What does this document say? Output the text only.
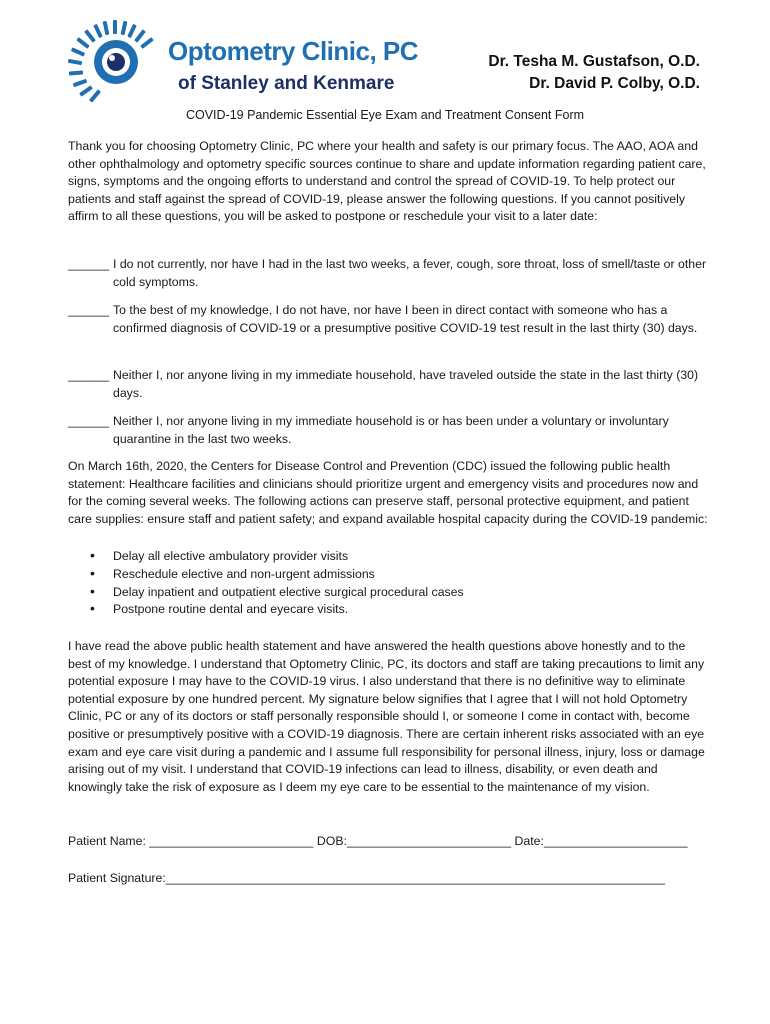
Optometry Clinic, PC
of Stanley and Kenmare
Dr. Tesha M. Gustafson, O.D.
Dr. David P. Colby, O.D.
COVID-19 Pandemic Essential Eye Exam and Treatment Consent Form
Thank you for choosing Optometry Clinic, PC where your health and safety is our primary focus. The AAO, AOA and other ophthalmology and optometry specific sources continue to share and update information regarding patient care, signs, symptoms and the ongoing efforts to understand and control the spread of COVID-19. To help protect our patients and staff against the spread of COVID-19, please answer the following questions. If you cannot positively affirm to all these questions, you will be asked to postpone or reschedule your visit to a later date:
______ I do not currently, nor have I had in the last two weeks, a fever, cough, sore throat, loss of smell/taste or other cold symptoms.
______ To the best of my knowledge, I do not have, nor have I been in direct contact with someone who has a confirmed diagnosis of COVID-19 or a presumptive positive COVID-19 test result in the last thirty (30) days.
______ Neither I, nor anyone living in my immediate household, have traveled outside the state in the last thirty (30) days.
______ Neither I, nor anyone living in my immediate household is or has been under a voluntary or involuntary quarantine in the last two weeks.
On March 16th, 2020, the Centers for Disease Control and Prevention (CDC) issued the following public health statement: Healthcare facilities and clinicians should prioritize urgent and emergency visits and procedures now and for the coming several weeks. The following actions can preserve staff, personal protective equipment, and patient care supplies: ensure staff and patient safety; and expand available hospital capacity during the COVID-19 pandemic:
• Delay all elective ambulatory provider visits
• Reschedule elective and non-urgent admissions
• Delay inpatient and outpatient elective surgical procedural cases
• Postpone routine dental and eyecare visits.
I have read the above public health statement and have answered the health questions above honestly and to the best of my knowledge. I understand that Optometry Clinic, PC, its doctors and staff are taking precautions to limit any potential exposure I may have to the COVID-19 virus. I also understand that there is no definitive way to eliminate potential exposure by one hundred percent. My signature below signifies that I agree that I will not hold Optometry Clinic, PC or any of its doctors or staff personally responsible should I, or someone I come in contact with, become positive or presumptively positive with a COVID-19 diagnosis. There are certain inherent risks associated with an eye exam and eye care visit during a pandemic and I assume full responsibility for personal illness, injury, loss or damage arising out of my visit. I understand that COVID-19 infections can lead to illness, disability, or even death and knowingly take the risk of exposure as I deem my eye care to be essential to the maintenance of my vision.
Patient Name: ________________________ DOB:________________________ Date:_____________________
Patient Signature:_________________________________________________________________________
